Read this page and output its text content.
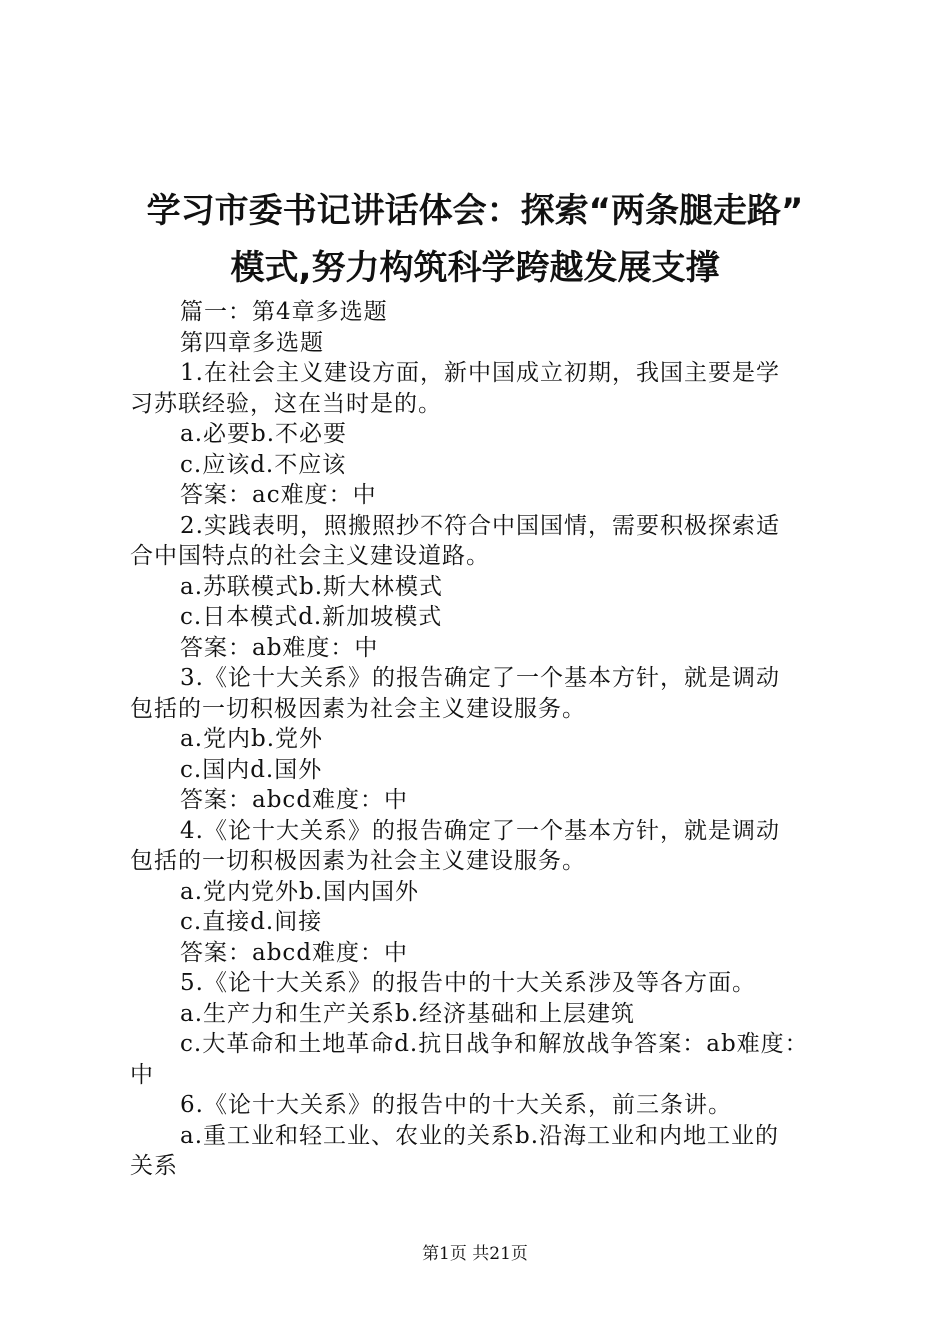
学习市委书记讲话体会：探索“两条腿走路”
模式,努力构筑科学跨越发展支撑
篇一：第4章多选题
第四章多选题
1.在社会主义建设方面，新中国成立初期，我国主要是学
习苏联经验，这在当时是的。
a.必要b.不必要
c.应该d.不应该
答案：ac难度：中
2.实践表明，照搬照抄不符合中国国情，需要积极探索适
合中国特点的社会主义建设道路。
a.苏联模式b.斯大林模式
c.日本模式d.新加坡模式
答案：ab难度：中
3.《论十大关系》的报告确定了一个基本方针，就是调动
包括的一切积极因素为社会主义建设服务。
a.党内b.党外
c.国内d.国外
答案：abcd难度：中
4.《论十大关系》的报告确定了一个基本方针，就是调动
包括的一切积极因素为社会主义建设服务。
a.党内党外b.国内国外
c.直接d.间接
答案：abcd难度：中
5.《论十大关系》的报告中的十大关系涉及等各方面。
a.生产力和生产关系b.经济基础和上层建筑
c.大革命和土地革命d.抗日战争和解放战争答案：ab难度：
中
6.《论十大关系》的报告中的十大关系，前三条讲。
a.重工业和轻工业、农业的关系b.沿海工业和内地工业的
关系
第1页 共21页
